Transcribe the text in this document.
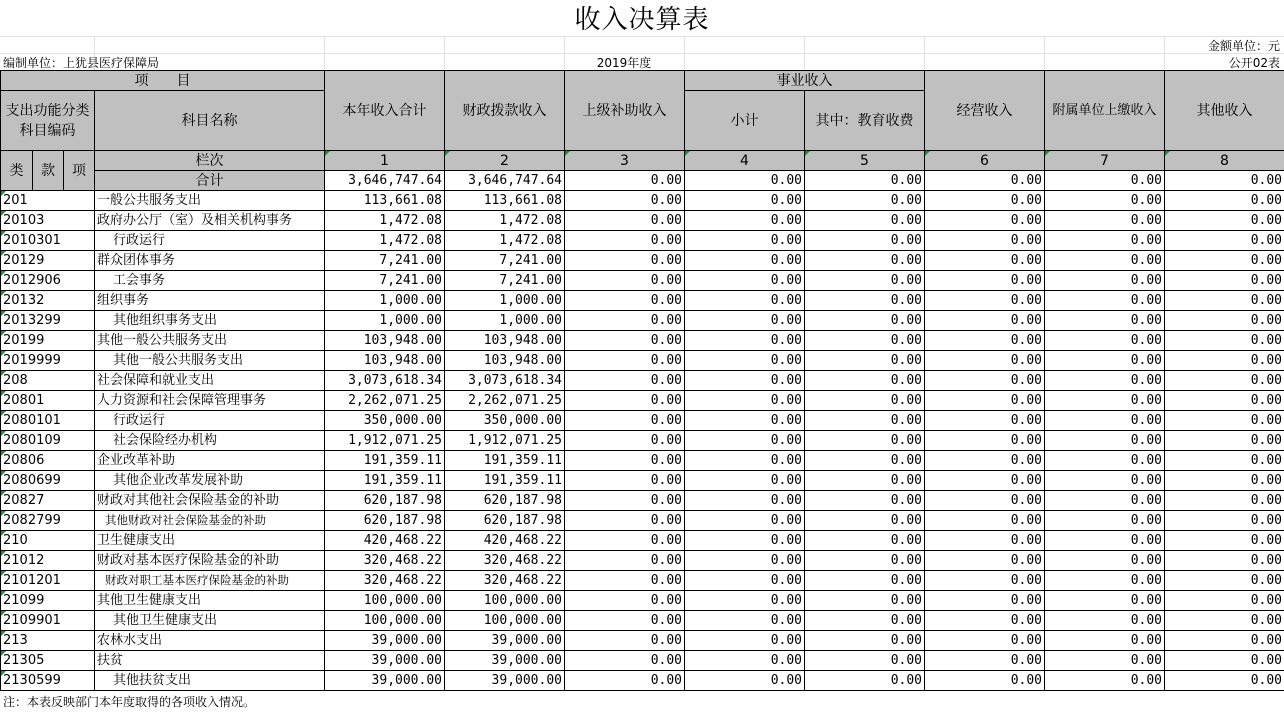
收入决算表
金额单位：元
编制单位：上犹县医疗保障局	2019年度	公开02表
项　　目				本年收入合计	财政拨款收入	上级补助收入	事业收入		经营收入	附属单位上缴收入	其他收入
支出功能分类科目编码			科目名称				小计	其中：教育收费			

类	款	项	栏次	1	2	3	4	5	6	7	8
			合计	3,646,747.64	3,646,747.64	0.00	0.00	0.00	0.00	0.00	0.00
201			一般公共服务支出	113,661.08	113,661.08	0.00	0.00	0.00	0.00	0.00	0.00
20103			政府办公厅（室）及相关机构事务	1,472.08	1,472.08	0.00	0.00	0.00	0.00	0.00	0.00
2010301			行政运行	1,472.08	1,472.08	0.00	0.00	0.00	0.00	0.00	0.00
20129			群众团体事务	7,241.00	7,241.00	0.00	0.00	0.00	0.00	0.00	0.00
2012906			工会事务	7,241.00	7,241.00	0.00	0.00	0.00	0.00	0.00	0.00
20132			组织事务	1,000.00	1,000.00	0.00	0.00	0.00	0.00	0.00	0.00
2013299			其他组织事务支出	1,000.00	1,000.00	0.00	0.00	0.00	0.00	0.00	0.00
20199			其他一般公共服务支出	103,948.00	103,948.00	0.00	0.00	0.00	0.00	0.00	0.00
2019999			其他一般公共服务支出	103,948.00	103,948.00	0.00	0.00	0.00	0.00	0.00	0.00
208			社会保障和就业支出	3,073,618.34	3,073,618.34	0.00	0.00	0.00	0.00	0.00	0.00
20801			人力资源和社会保障管理事务	2,262,071.25	2,262,071.25	0.00	0.00	0.00	0.00	0.00	0.00
2080101			行政运行	350,000.00	350,000.00	0.00	0.00	0.00	0.00	0.00	0.00
2080109			社会保险经办机构	1,912,071.25	1,912,071.25	0.00	0.00	0.00	0.00	0.00	0.00
20806			企业改革补助	191,359.11	191,359.11	0.00	0.00	0.00	0.00	0.00	0.00
2080699			其他企业改革发展补助	191,359.11	191,359.11	0.00	0.00	0.00	0.00	0.00	0.00
20827			财政对其他社会保险基金的补助	620,187.98	620,187.98	0.00	0.00	0.00	0.00	0.00	0.00
2082799			其他财政对社会保险基金的补助	620,187.98	620,187.98	0.00	0.00	0.00	0.00	0.00	0.00
210			卫生健康支出	420,468.22	420,468.22	0.00	0.00	0.00	0.00	0.00	0.00
21012			财政对基本医疗保险基金的补助	320,468.22	320,468.22	0.00	0.00	0.00	0.00	0.00	0.00
2101201			财政对职工基本医疗保险基金的补助	320,468.22	320,468.22	0.00	0.00	0.00	0.00	0.00	0.00
21099			其他卫生健康支出	100,000.00	100,000.00	0.00	0.00	0.00	0.00	0.00	0.00
2109901			其他卫生健康支出	100,000.00	100,000.00	0.00	0.00	0.00	0.00	0.00	0.00
213			农林水支出	39,000.00	39,000.00	0.00	0.00	0.00	0.00	0.00	0.00
21305			扶贫	39,000.00	39,000.00	0.00	0.00	0.00	0.00	0.00	0.00
2130599			其他扶贫支出	39,000.00	39,000.00	0.00	0.00	0.00	0.00	0.00	0.00
注：本表反映部门本年度取得的各项收入情况。
